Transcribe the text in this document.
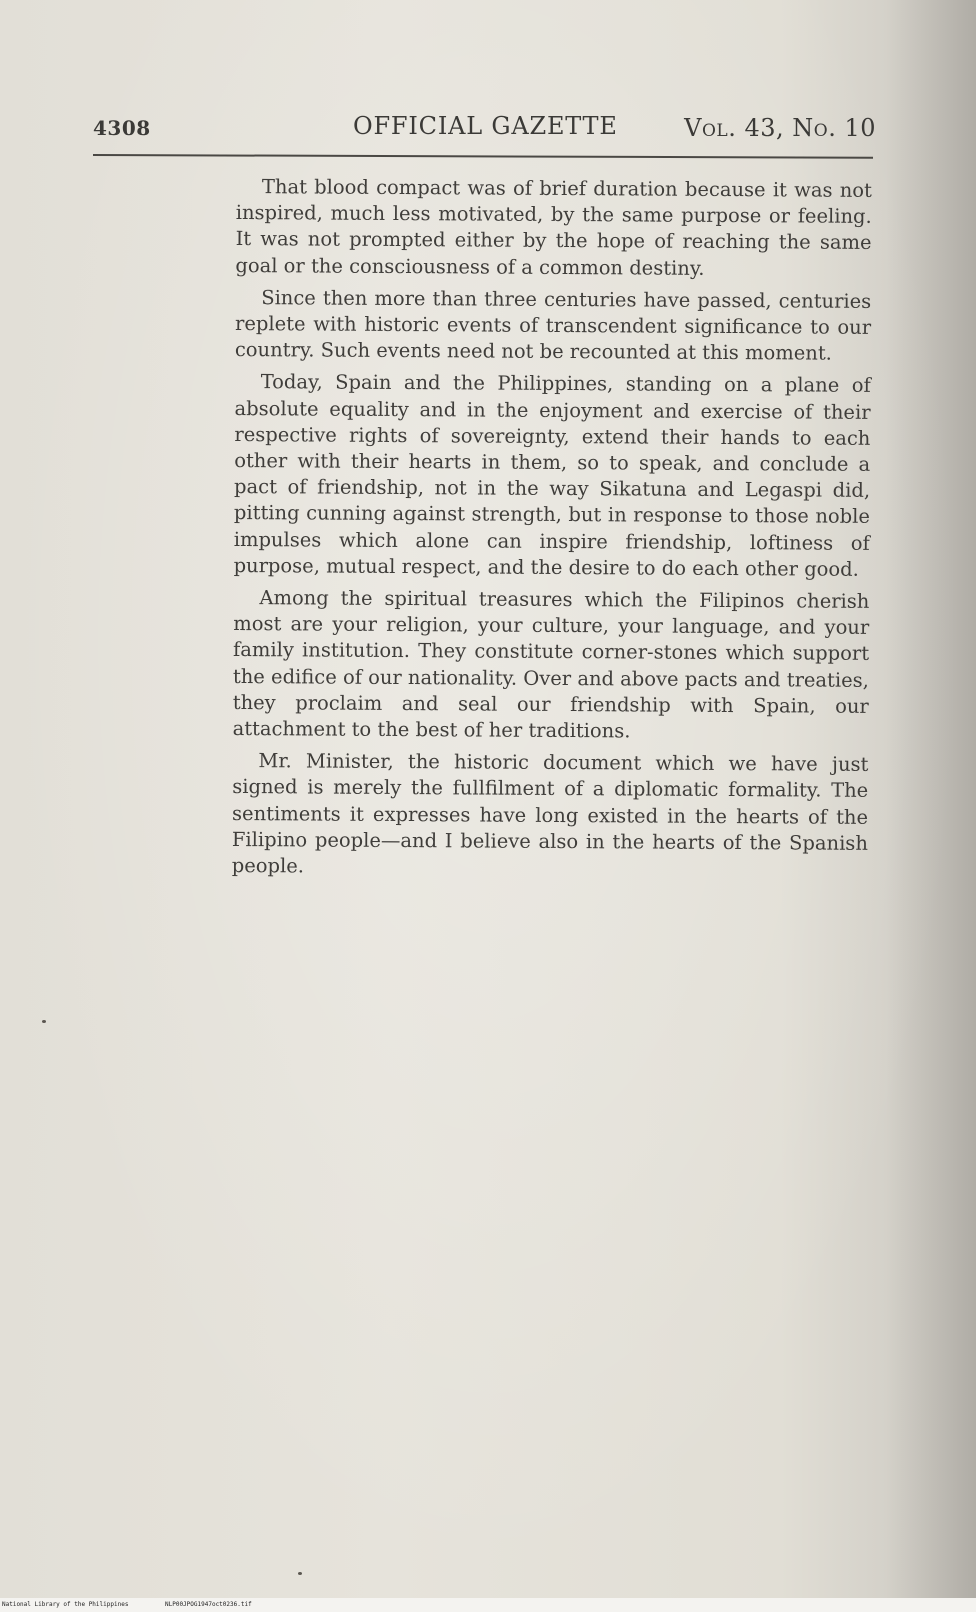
4308	OFFICIAL GAZETTE	Vol. 43, No. 10

That blood compact was of brief duration because it was not inspired, much less motivated, by the same purpose or feeling. It was not prompted either by the hope of reaching the same goal or the consciousness of a common destiny.

Since then more than three centuries have passed, centuries replete with historic events of transcendent significance to our country. Such events need not be recounted at this moment.

Today, Spain and the Philippines, standing on a plane of absolute equality and in the enjoyment and exercise of their respective rights of sovereignty, extend their hands to each other with their hearts in them, so to speak, and conclude a pact of friendship, not in the way Sikatuna and Legaspi did, pitting cunning against strength, but in response to those noble impulses which alone can inspire friendship, loftiness of purpose, mutual respect, and the desire to do each other good.

Among the spiritual treasures which the Filipinos cherish most are your religion, your culture, your language, and your family institution. They constitute corner-stones which support the edifice of our nationality. Over and above pacts and treaties, they proclaim and seal our friendship with Spain, our attachment to the best of her traditions.

Mr. Minister, the historic document which we have just signed is merely the fullfilment of a diplomatic formality. The sentiments it expresses have long existed in the hearts of the Filipino people—and I believe also in the hearts of the Spanish people.

National Library of the Philippines	NLP00JPOG1947oct0236.tif
